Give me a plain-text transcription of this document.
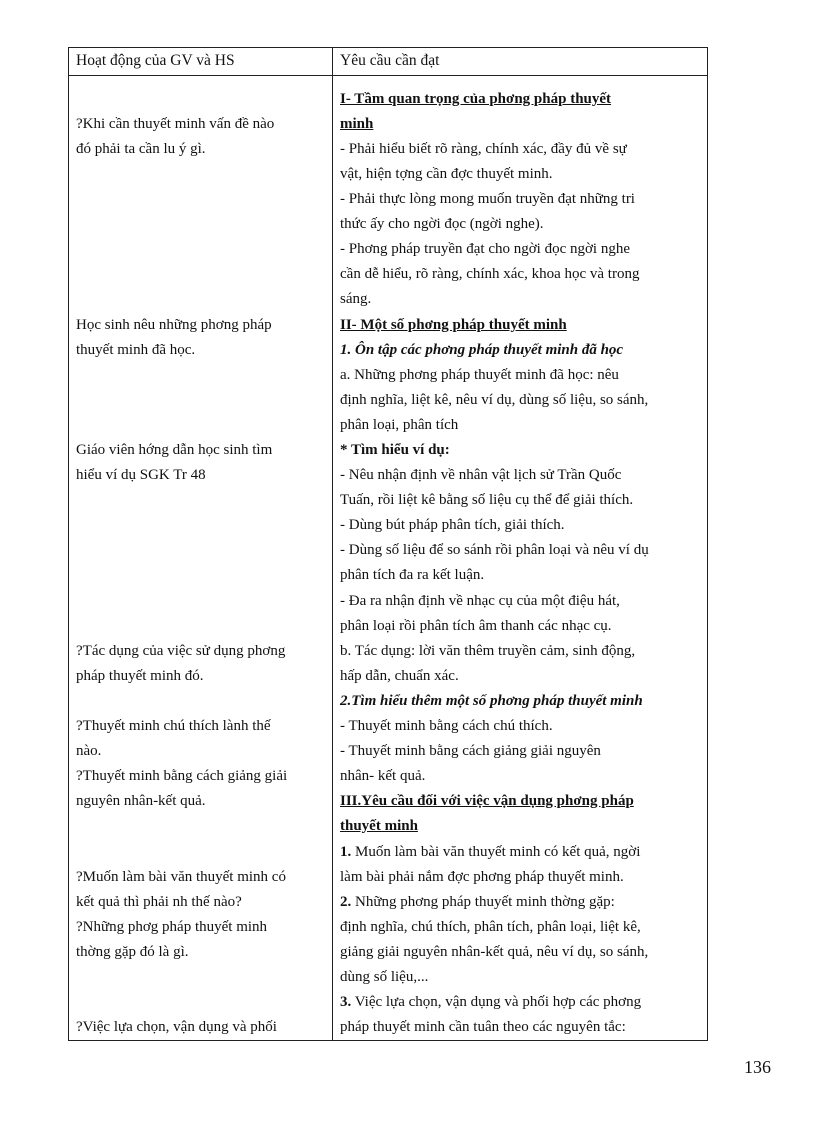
Hoạt động của GV và HS	Yêu cầu cần đạt
?Khi cần thuyết minh vấn đề nào
đó phải ta cần lu ý gì.
Học sinh nêu những phơng pháp
thuyết minh đã học.
Giáo viên hớng dẫn học sinh tìm
hiểu ví dụ SGK Tr 48
?Tác dụng của việc sử dụng phơng
pháp thuyết minh đó.
?Thuyết minh chú thích lành thế
nào.
?Thuyết minh bằng cách giảng giải
nguyên nhân-kết quả.
?Muốn làm bài văn thuyết minh có
kết quả thì phải nh thế nào?
?Những phơg pháp thuyết minh
thờng gặp đó là gì.
?Việc lựa chọn, vận dụng và phối
I- Tầm quan trọng của phơng pháp thuyết
minh
- Phải hiểu biết rõ ràng, chính xác, đầy đủ về sự
vật, hiện tợng cần đợc thuyết minh.
- Phải thực lòng mong muốn truyền đạt những tri
thức ấy cho ngời đọc (ngời nghe).
- Phơng pháp truyền đạt cho ngời đọc ngời nghe
cần dễ hiểu, rõ ràng, chính xác, khoa học và trong
sáng.
II- Một số phơng pháp thuyết minh
1. Ôn tập các phơng pháp thuyết minh đã học
a. Những phơng pháp thuyết minh đã học: nêu
định nghĩa, liệt kê, nêu ví dụ, dùng số liệu, so sánh,
phân loại, phân tích
* Tìm hiểu ví dụ:
- Nêu nhận định về nhân vật lịch sử Trần Quốc
Tuấn, rồi liệt kê bằng số liệu cụ thể để giải thích.
- Dùng bút pháp phân tích, giải thích.
- Dùng số liệu để so sánh rồi phân loại và nêu ví dụ
phân tích đa ra kết luận.
- Đa ra nhận định về nhạc cụ của một điệu hát,
phân loại rồi phân tích âm thanh các nhạc cụ.
b. Tác dụng: lời văn thêm truyền cảm, sinh động,
hấp dẫn, chuẩn xác.
2.Tìm hiểu thêm một số phơng pháp thuyết minh
- Thuyết minh bằng cách chú thích.
- Thuyết minh bằng cách giảng giải nguyên
nhân- kết quả.
III.Yêu cầu đối với việc vận dụng phơng pháp
thuyết minh
1. Muốn làm bài văn thuyết minh có kết quả, ngời
làm bài phải nắm đợc phơng pháp thuyết minh.
2. Những phơng pháp thuyết minh thờng gặp:
định nghĩa, chú thích, phân tích, phân loại, liệt kê,
giảng giải nguyên nhân-kết quả, nêu ví dụ, so sánh,
dùng số liệu,...
3. Việc lựa chọn, vận dụng và phối hợp các phơng
pháp thuyết minh cần tuân theo các nguyên tắc:
136
